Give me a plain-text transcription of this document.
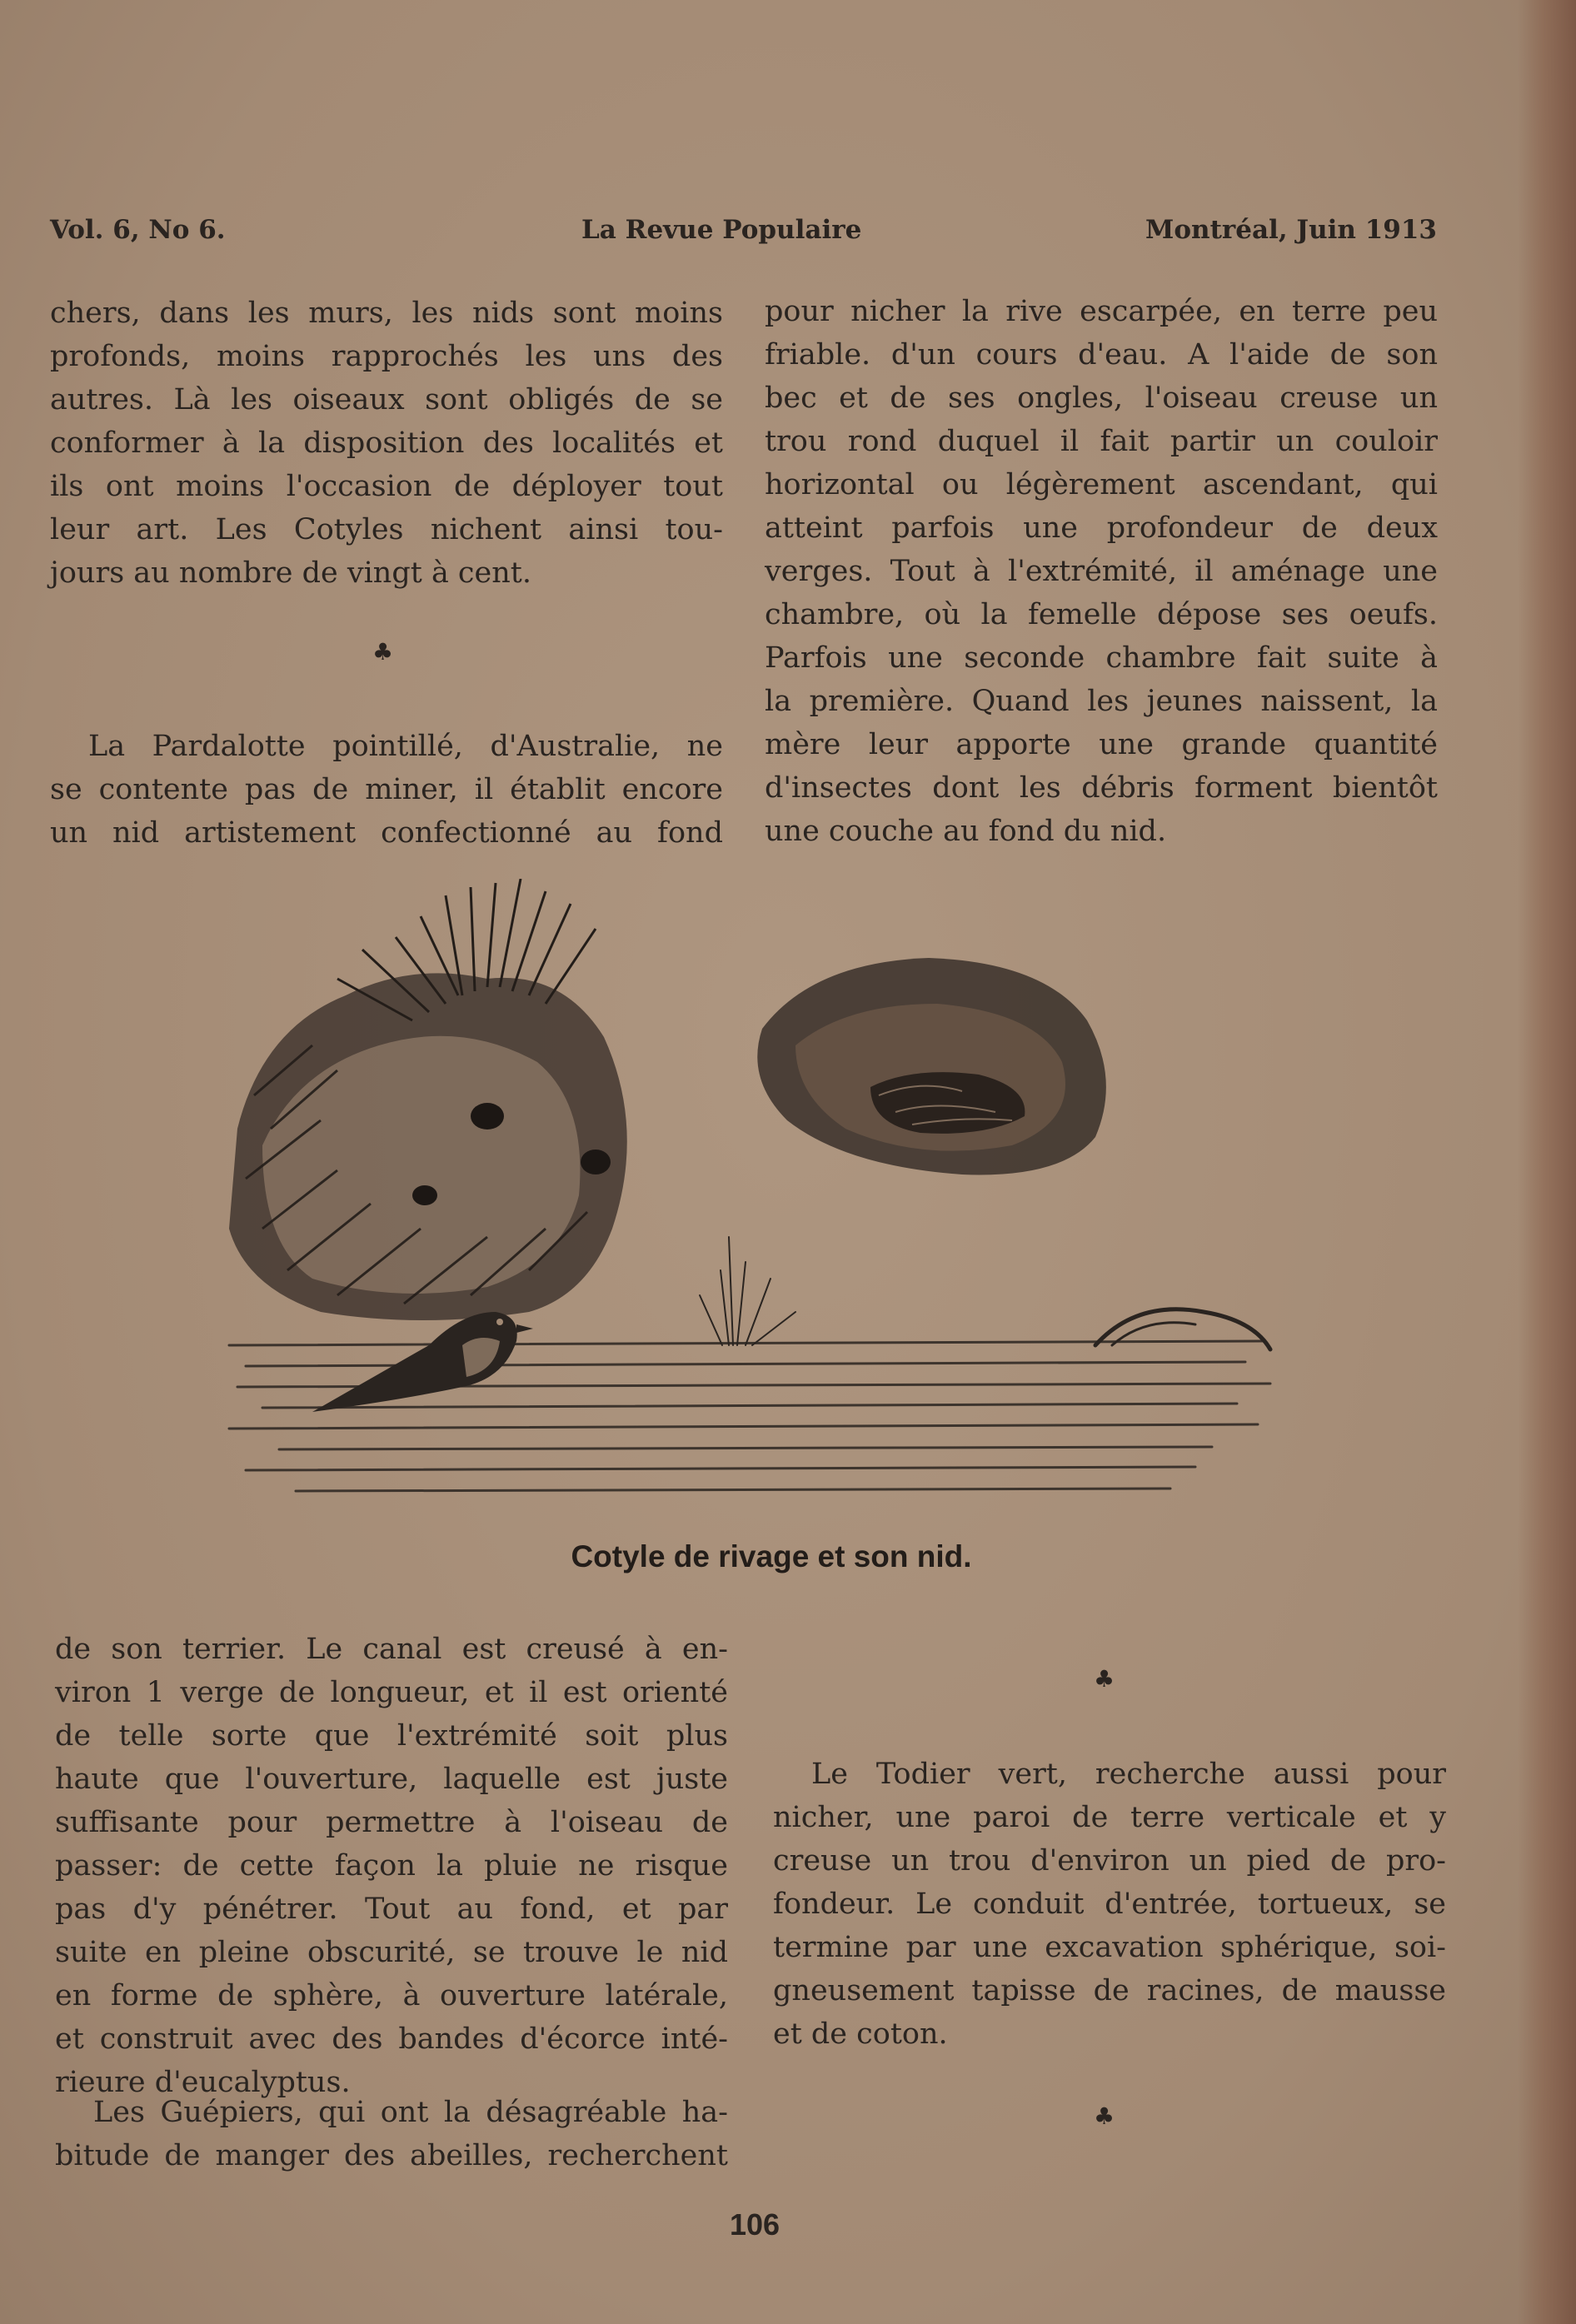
Vol. 6, No 6.	La Revue Populaire	Montréal, Juin 1913
chers, dans les murs, les nids sont moins
profonds, moins rapprochés les uns des
autres. Là les oiseaux sont obligés de se
conformer à la disposition des localités et
ils ont moins l'occasion de déployer tout
leur art. Les Cotyles nichent ainsi tou-
jours au nombre de vingt à cent.
♣
La Pardalotte pointillé, d'Australie, ne
se contente pas de miner, il établit encore
un nid artistement confectionné au fond
pour nicher la rive escarpée, en terre peu
friable. d'un cours d'eau. A l'aide de son
bec et de ses ongles, l'oiseau creuse un
trou rond duquel il fait partir un couloir
horizontal ou légèrement ascendant, qui
atteint parfois une profondeur de deux
verges. Tout à l'extrémité, il aménage une
chambre, où la femelle dépose ses oeufs.
Parfois une seconde chambre fait suite à
la première. Quand les jeunes naissent, la
mère leur apporte une grande quantité
d'insectes dont les débris forment bientôt
une couche au fond du nid.
Cotyle de rivage et son nid.
de son terrier. Le canal est creusé à en-
viron 1 verge de longueur, et il est orienté
de telle sorte que l'extrémité soit plus
haute que l'ouverture, laquelle est juste
suffisante pour permettre à l'oiseau de
passer: de cette façon la pluie ne risque
pas d'y pénétrer. Tout au fond, et par
suite en pleine obscurité, se trouve le nid
en forme de sphère, à ouverture latérale,
et construit avec des bandes d'écorce inté-
rieure d'eucalyptus.
Les Guépiers, qui ont la désagréable ha-
bitude de manger des abeilles, recherchent
♣
Le Todier vert, recherche aussi pour
nicher, une paroi de terre verticale et y
creuse un trou d'environ un pied de pro-
fondeur. Le conduit d'entrée, tortueux, se
termine par une excavation sphérique, soi-
gneusement tapisse de racines, de mausse
et de coton.
♣
106
